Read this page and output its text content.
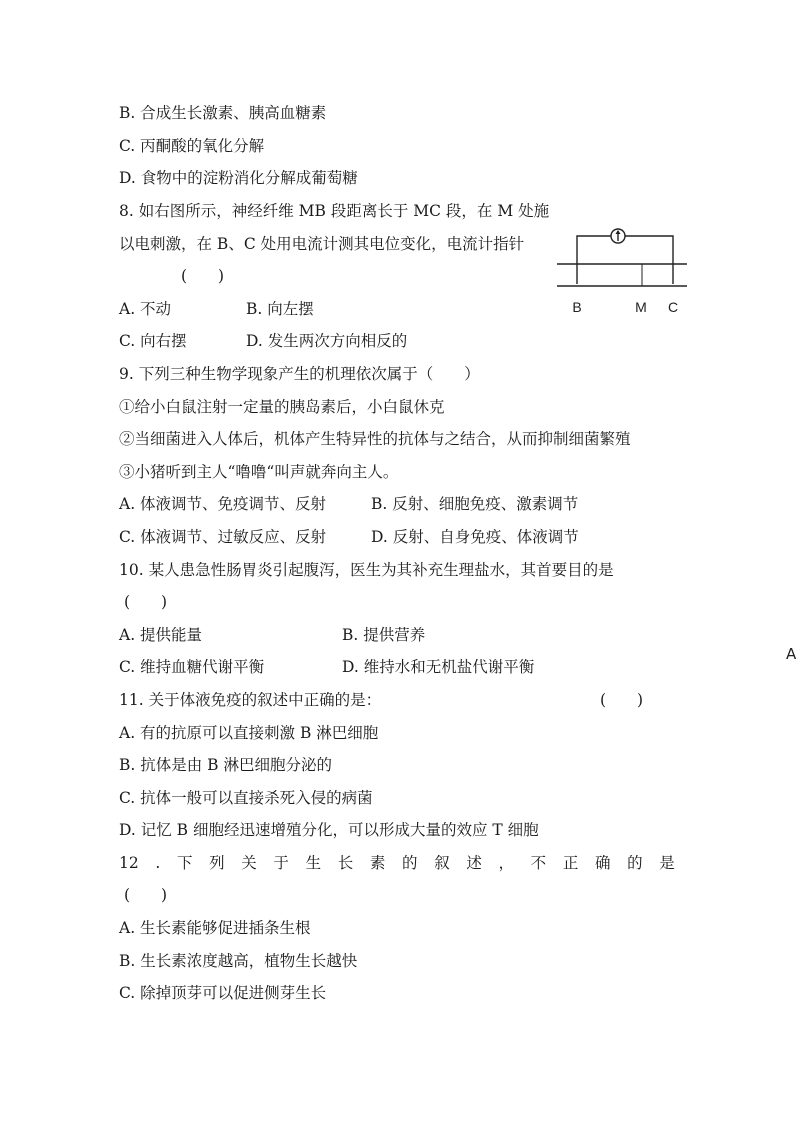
B. 合成生长激素、胰高血糖素
C. 丙酮酸的氧化分解
D. 食物中的淀粉消化分解成葡萄糖
8. 如右图所示，神经纤维 MB 段距离长于 MC 段，在 M 处施
以电刺激，在 B、C 处用电流计测其电位变化，电流计指针
(　　)
A. 不动	B. 向左摆
C. 向右摆	D. 发生两次方向相反的
B	M C
9. 下列三种生物学现象产生的机理依次属于（　　）
①给小白鼠注射一定量的胰岛素后，小白鼠休克
②当细菌进入人体后，机体产生特异性的抗体与之结合，从而抑制细菌繁殖
③小猪听到主人“噜噜“叫声就奔向主人。
A. 体液调节、免疫调节、反射	B. 反射、细胞免疫、激素调节
C. 体液调节、过敏反应、反射	D. 反射、自身免疫、体液调节
10. 某人患急性肠胃炎引起腹泻，医生为其补充生理盐水，其首要目的是
(　　)
A. 提供能量	B. 提供营养
C. 维持血糖代谢平衡	D. 维持水和无机盐代谢平衡
A
11. 关于体液免疫的叙述中正确的是：	(　　)
A. 有的抗原可以直接刺激 B 淋巴细胞
B. 抗体是由 B 淋巴细胞分泌的
C. 抗体一般可以直接杀死入侵的病菌
D. 记忆 B 细胞经迅速增殖分化，可以形成大量的效应 T 细胞
12 . 下 列 关 于 生 长 素 的 叙 述 ， 不 正 确 的 是
(　　)
A. 生长素能够促进插条生根
B. 生长素浓度越高，植物生长越快
C. 除掉顶芽可以促进侧芽生长
